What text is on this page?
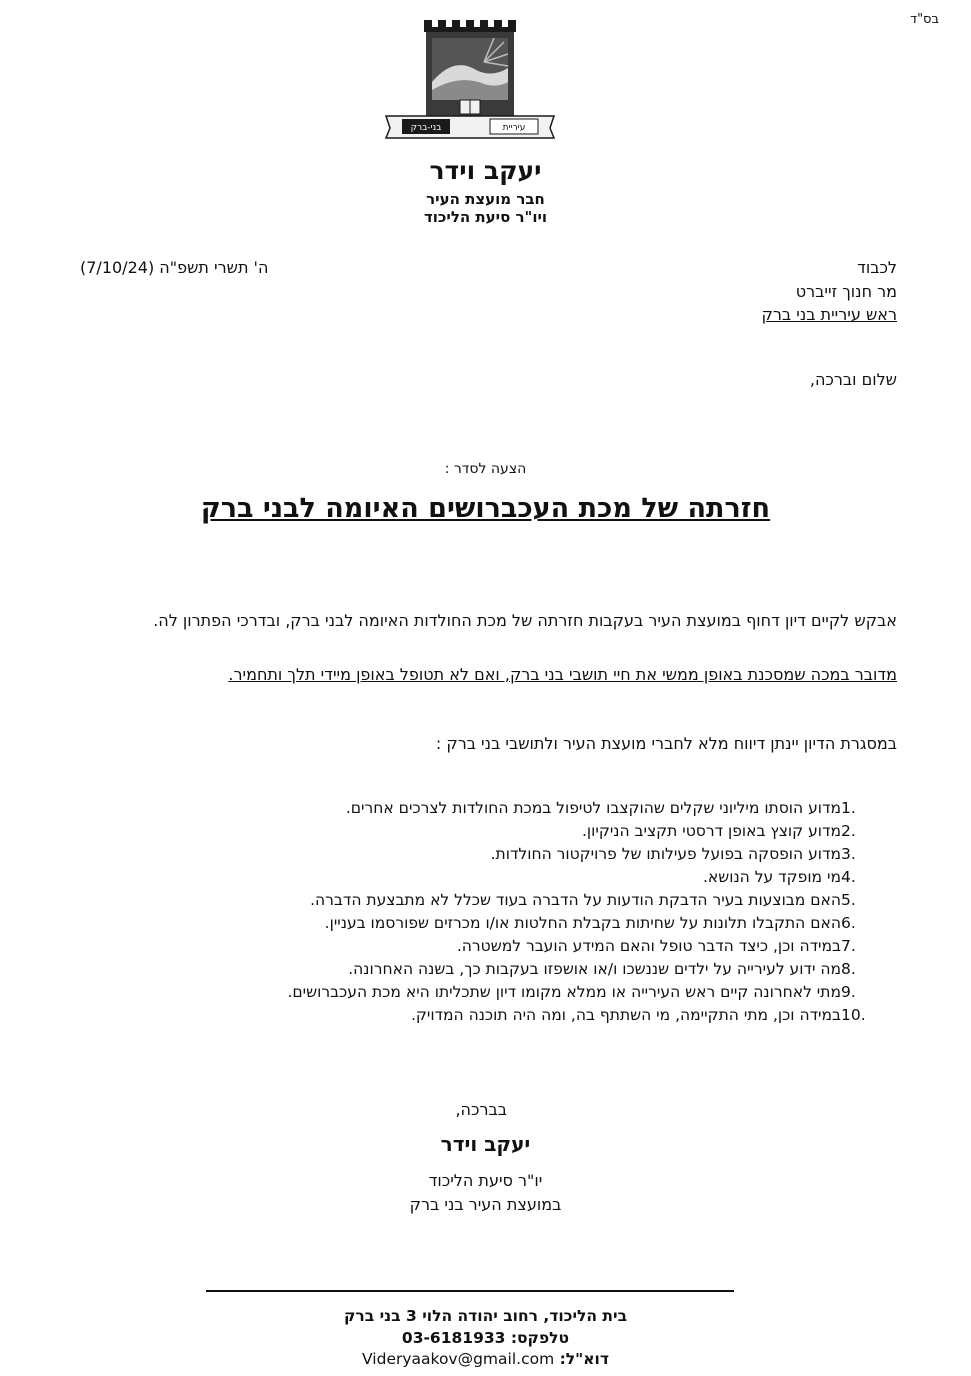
בס"ד
בני-ברק	עיריית
יעקב וידר
חבר מועצת העיר
ויו"ר סיעת הליכוד
לכבוד
מר חנוך זייברט
ראש עיריית בני ברק
ה' תשרי תשפ"ה (7/10/24)
שלום וברכה,
הצעה לסדר :
חזרתה של מכת העכברושים האיומה לבני ברק
אבקש לקיים דיון דחוף במועצת העיר בעקבות חזרתה של מכת החולדות האיומה לבני ברק, ובדרכי הפתרון לה.
מדובר במכה שמסכנת באופן ממשי את חיי תושבי בני ברק, ואם לא תטופל באופן מיידי תלך ותחמיר.
במסגרת הדיון יינתן דיווח מלא לחברי מועצת העיר ולתושבי בני ברק :
1.
מדוע הוסתו מיליוני שקלים שהוקצבו לטיפול במכת החולדות לצרכים אחרים.
2.
מדוע קוצץ באופן דרסטי תקציב הניקיון.
3.
מדוע הופסקה בפועל פעילותו של פרויקטור החולדות.
4.
מי מופקד על הנושא.
5.
האם מבוצעות בעיר הדבקת הודעות על הדברה בעוד שכלל לא מתבצעת הדברה.
6.
האם התקבלו תלונות על שחיתות בקבלת החלטות או/ו מכרזים שפורסמו בעניין.
7.
במידה וכן, כיצד הדבר טופל והאם המידע הועבר למשטרה.
8.
מה ידוע לעירייה על ילדים שננשכו ו/או אושפזו בעקבות כך, בשנה האחרונה.
9.
מתי לאחרונה קיים ראש העירייה או ממלא מקומו דיון שתכליתו היא מכת העכברושים.
10.
במידה וכן, מתי התקיימה, מי השתתף בה, ומה היה תוכנה המדויק.
בברכה,
יעקב וידר
יו"ר סיעת הליכוד
במועצת העיר בני ברק
בית הליכוד, רחוב יהודה הלוי 3 בני ברק
טלפקס: 03-6181933
דוא"ל: Videryaakov@gmail.com
